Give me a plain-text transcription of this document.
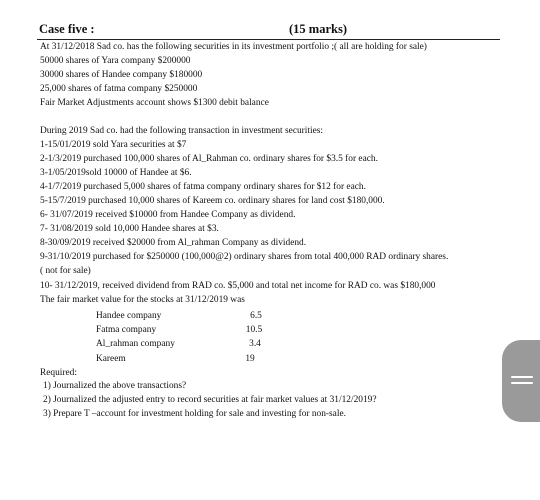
Case five :	(15 marks)
At 31/12/2018 Sad co. has the following securities in its investment portfolio ;( all are holding for sale)
50000 shares of Yara company $200000
30000 shares of Handee company $180000
25,000 shares of fatma company $250000
Fair Market Adjustments account shows $1300 debit balance
During 2019 Sad co. had the following transaction in investment securities:
1-15/01/2019 sold Yara securities at $7
2-1/3/2019 purchased 100,000 shares of Al_Rahman co. ordinary shares for $3.5 for each.
3-1/05/2019sold 10000 of Handee at $6.
4-1/7/2019 purchased 5,000 shares of fatma company ordinary shares for $12 for each.
5-15/7/2019 purchased 10,000 shares of Kareem co. ordinary shares for land cost $180,000.
6- 31/07/2019 received $10000 from Handee Company as dividend.
7- 31/08/2019 sold 10,000 Handee shares at $3.
8-30/09/2019 received $20000 from Al_rahman Company as dividend.
9-31/10/2019 purchased for $250000 (100,000@2) ordinary shares from total 400,000 RAD ordinary shares.
( not for sale)
10- 31/12/2019, received dividend from RAD co. $5,000 and total net income for RAD co. was $180,000
The fair market value for the stocks at 31/12/2019 was
Handee company	6.5
Fatma company	10.5
Al_rahman company	3.4
Kareem	19
Required:
1) Journalized the above transactions?
2) Journalized the adjusted entry to record securities at fair market values at 31/12/2019?
3) Prepare T –account for investment holding for sale and investing for non-sale.
